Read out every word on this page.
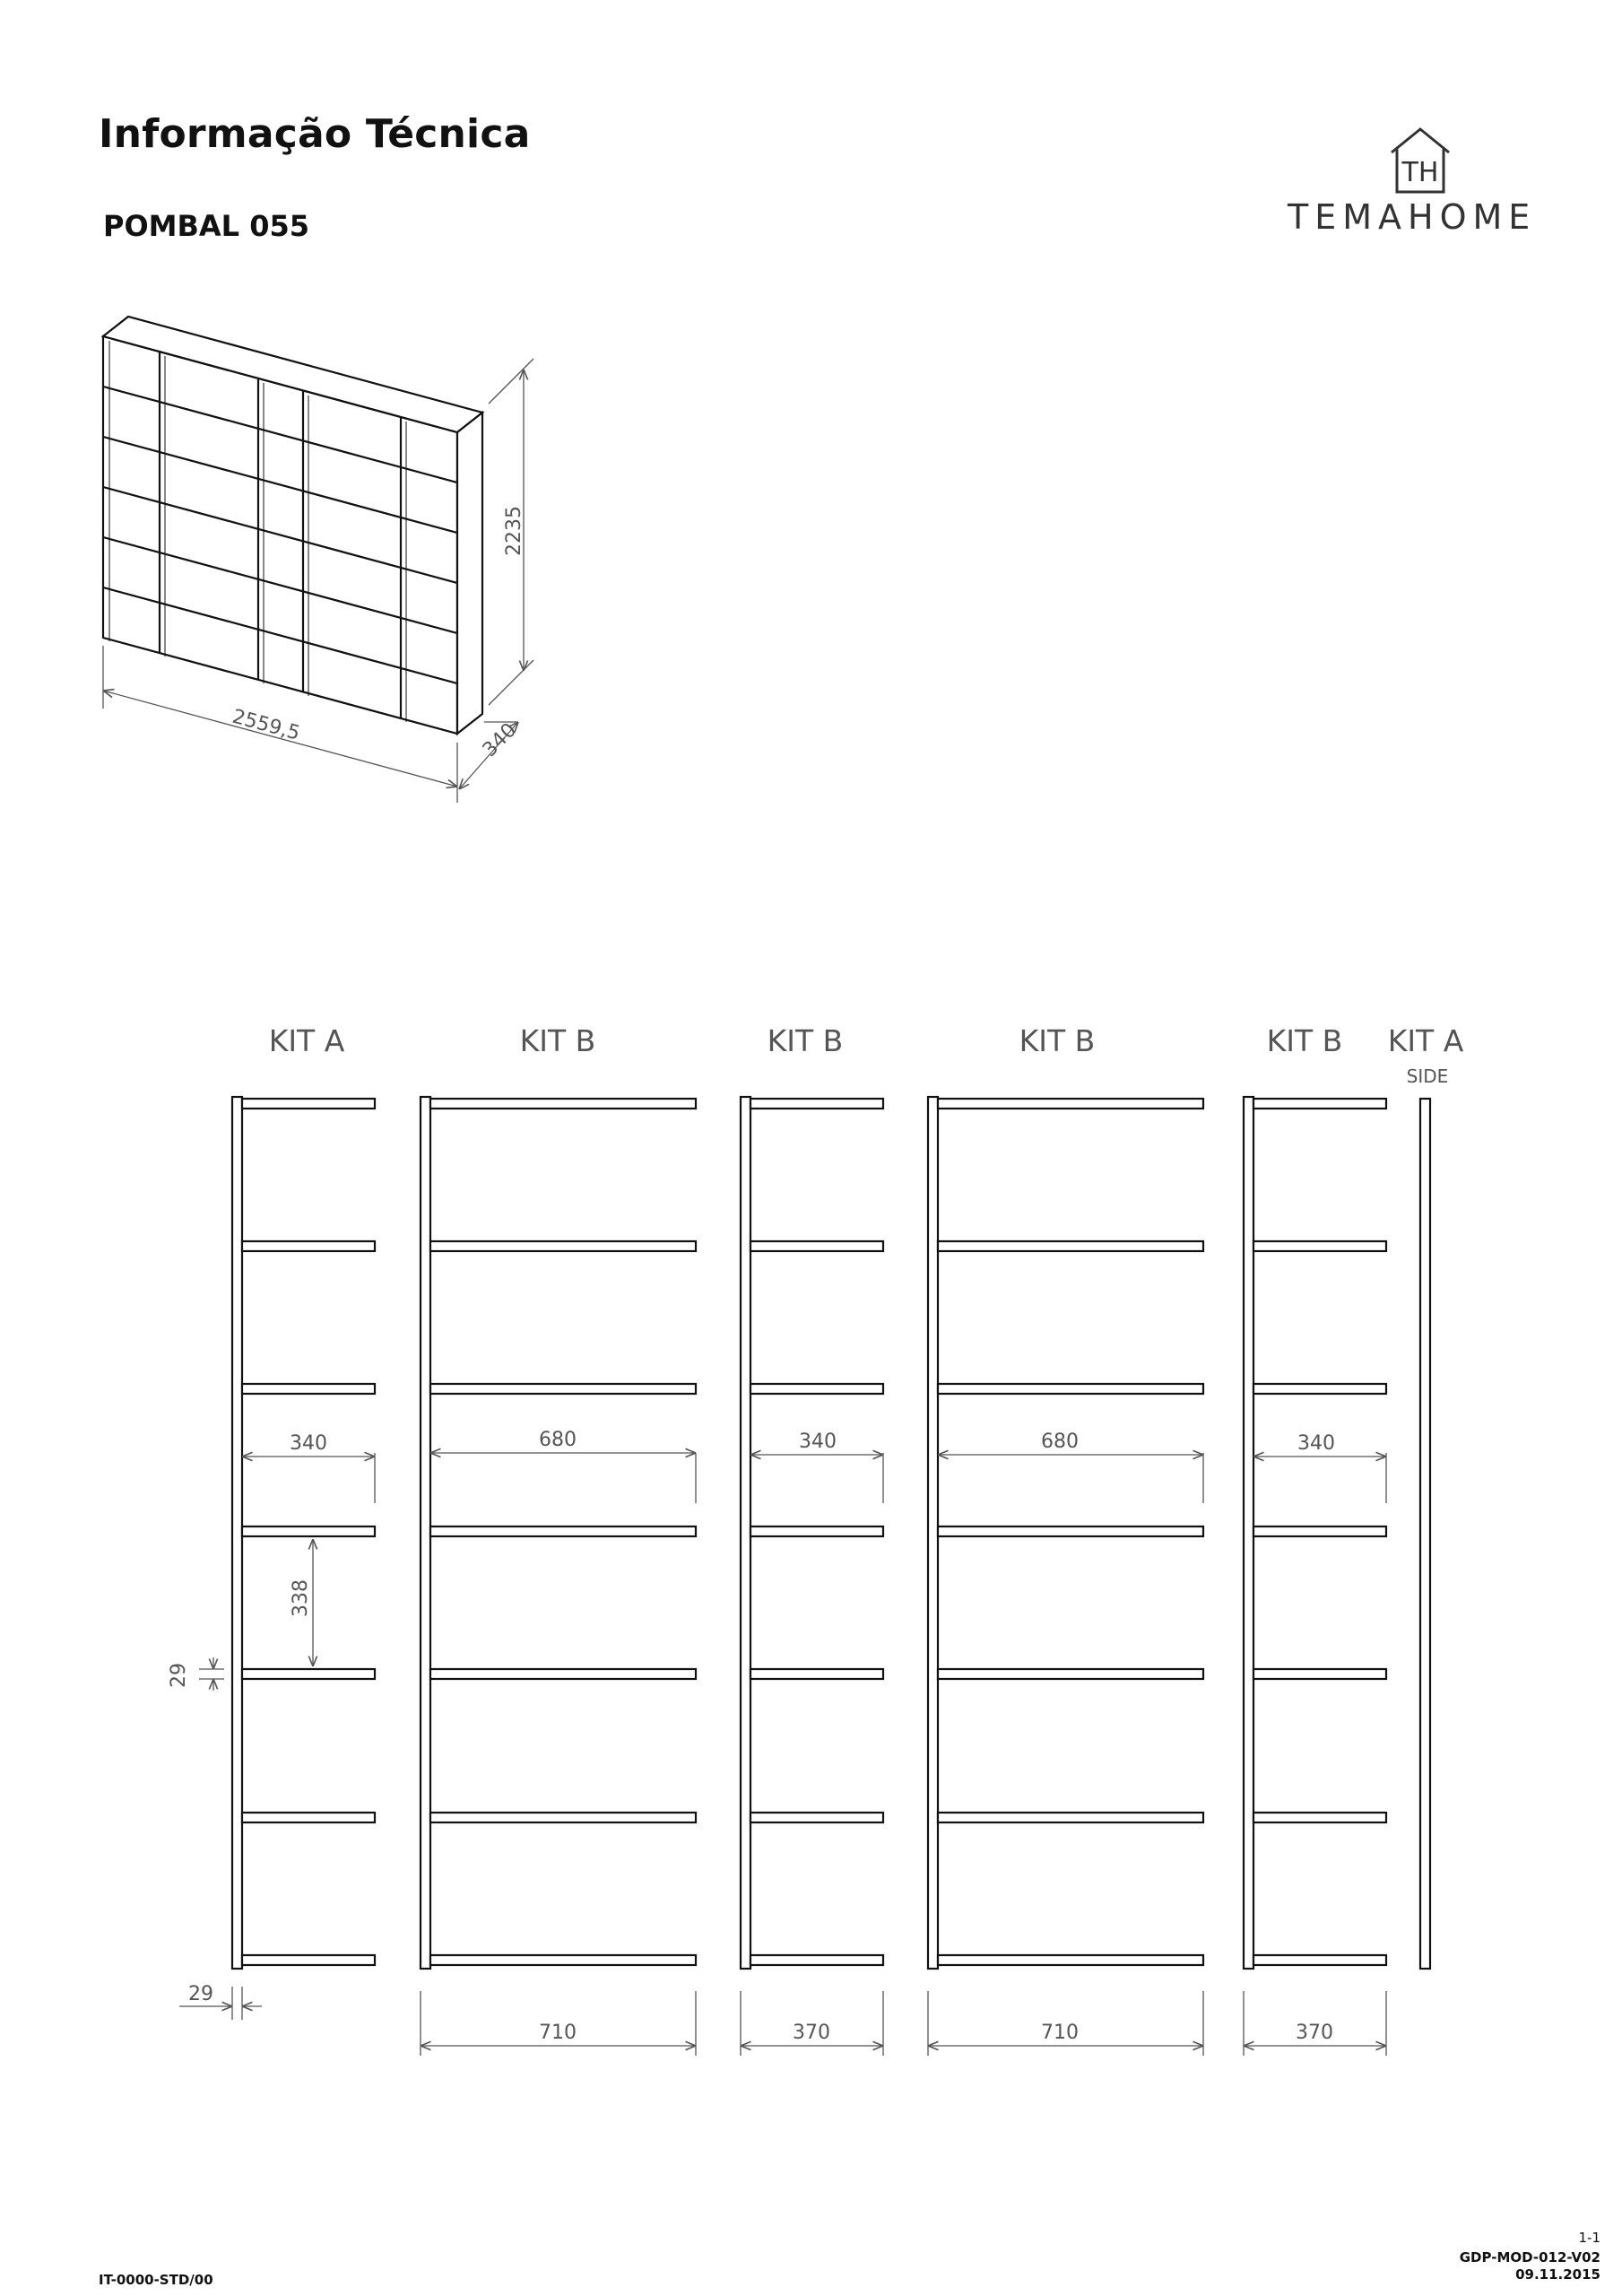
Informação Técnica
POMBAL 055
TH
TEMAHOME
2235
2559,5	340
KIT A	KIT B	KIT B	KIT B	KIT B KIT A
SIDE
340	680	340	680	340
338
29
29
710	370	710	370
IT-0000-STD/00
1-1
GDP-MOD-012-V02
09.11.2015
